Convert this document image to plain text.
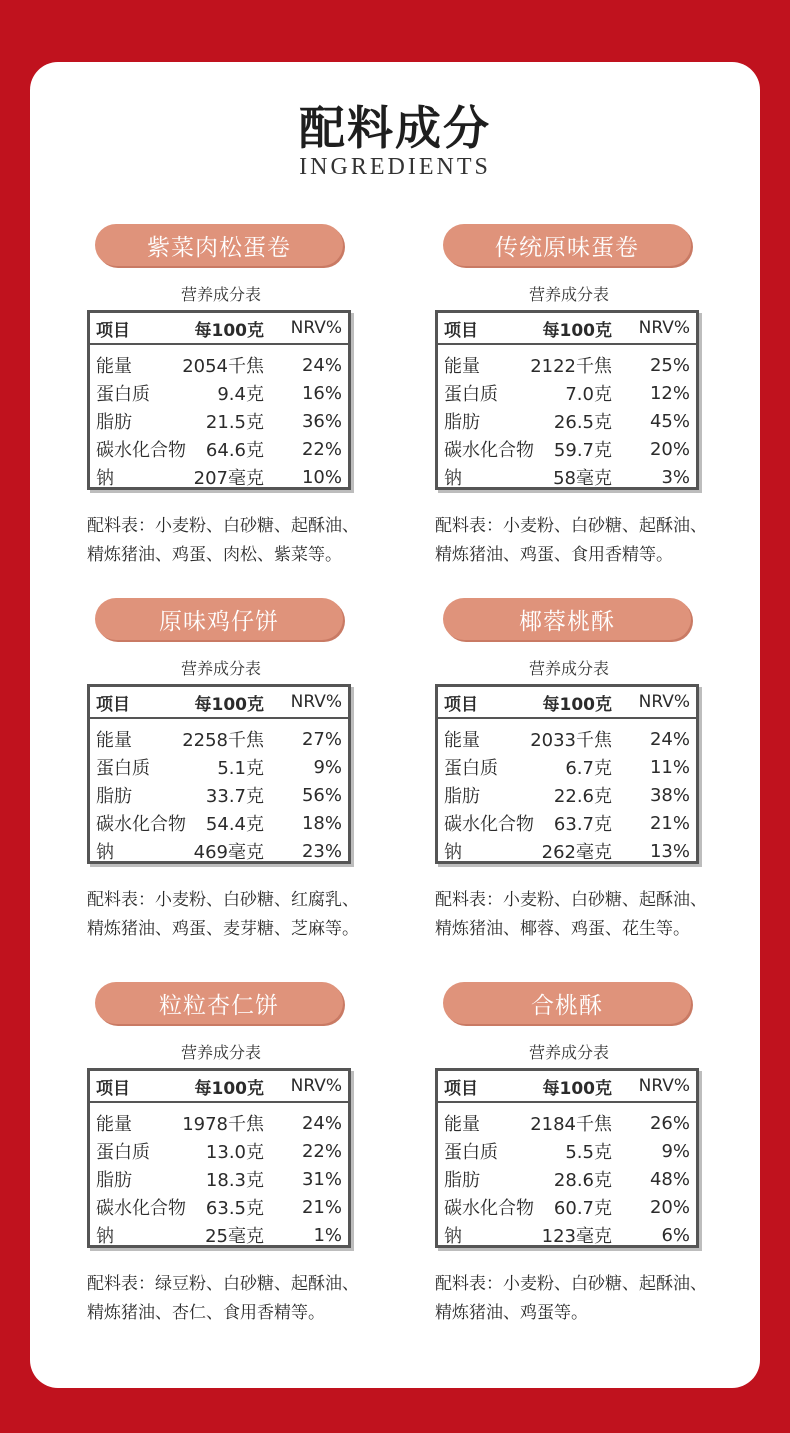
配料成分
INGREDIENTS
紫菜肉松蛋卷
营养成分表
项目	每100克	NRV%
能量	2054千焦	24%
蛋白质	9.4克	16%
脂肪	21.5克	36%
碳水化合物	64.6克	22%
钠	207毫克	10%
配料表：小麦粉、白砂糖、起酥油、
精炼猪油、鸡蛋、肉松、紫菜等。
传统原味蛋卷
营养成分表
项目	每100克	NRV%
能量	2122千焦	25%
蛋白质	7.0克	12%
脂肪	26.5克	45%
碳水化合物	59.7克	20%
钠	58毫克	3%
配料表：小麦粉、白砂糖、起酥油、
精炼猪油、鸡蛋、食用香精等。
原味鸡仔饼
营养成分表
项目	每100克	NRV%
能量	2258千焦	27%
蛋白质	5.1克	9%
脂肪	33.7克	56%
碳水化合物	54.4克	18%
钠	469毫克	23%
配料表：小麦粉、白砂糖、红腐乳、
精炼猪油、鸡蛋、麦芽糖、芝麻等。
椰蓉桃酥
营养成分表
项目	每100克	NRV%
能量	2033千焦	24%
蛋白质	6.7克	11%
脂肪	22.6克	38%
碳水化合物	63.7克	21%
钠	262毫克	13%
配料表：小麦粉、白砂糖、起酥油、
精炼猪油、椰蓉、鸡蛋、花生等。
粒粒杏仁饼
营养成分表
项目	每100克	NRV%
能量	1978千焦	24%
蛋白质	13.0克	22%
脂肪	18.3克	31%
碳水化合物	63.5克	21%
钠	25毫克	1%
配料表：绿豆粉、白砂糖、起酥油、
精炼猪油、杏仁、食用香精等。
合桃酥
营养成分表
项目	每100克	NRV%
能量	2184千焦	26%
蛋白质	5.5克	9%
脂肪	28.6克	48%
碳水化合物	60.7克	20%
钠	123毫克	6%
配料表：小麦粉、白砂糖、起酥油、
精炼猪油、鸡蛋等。
